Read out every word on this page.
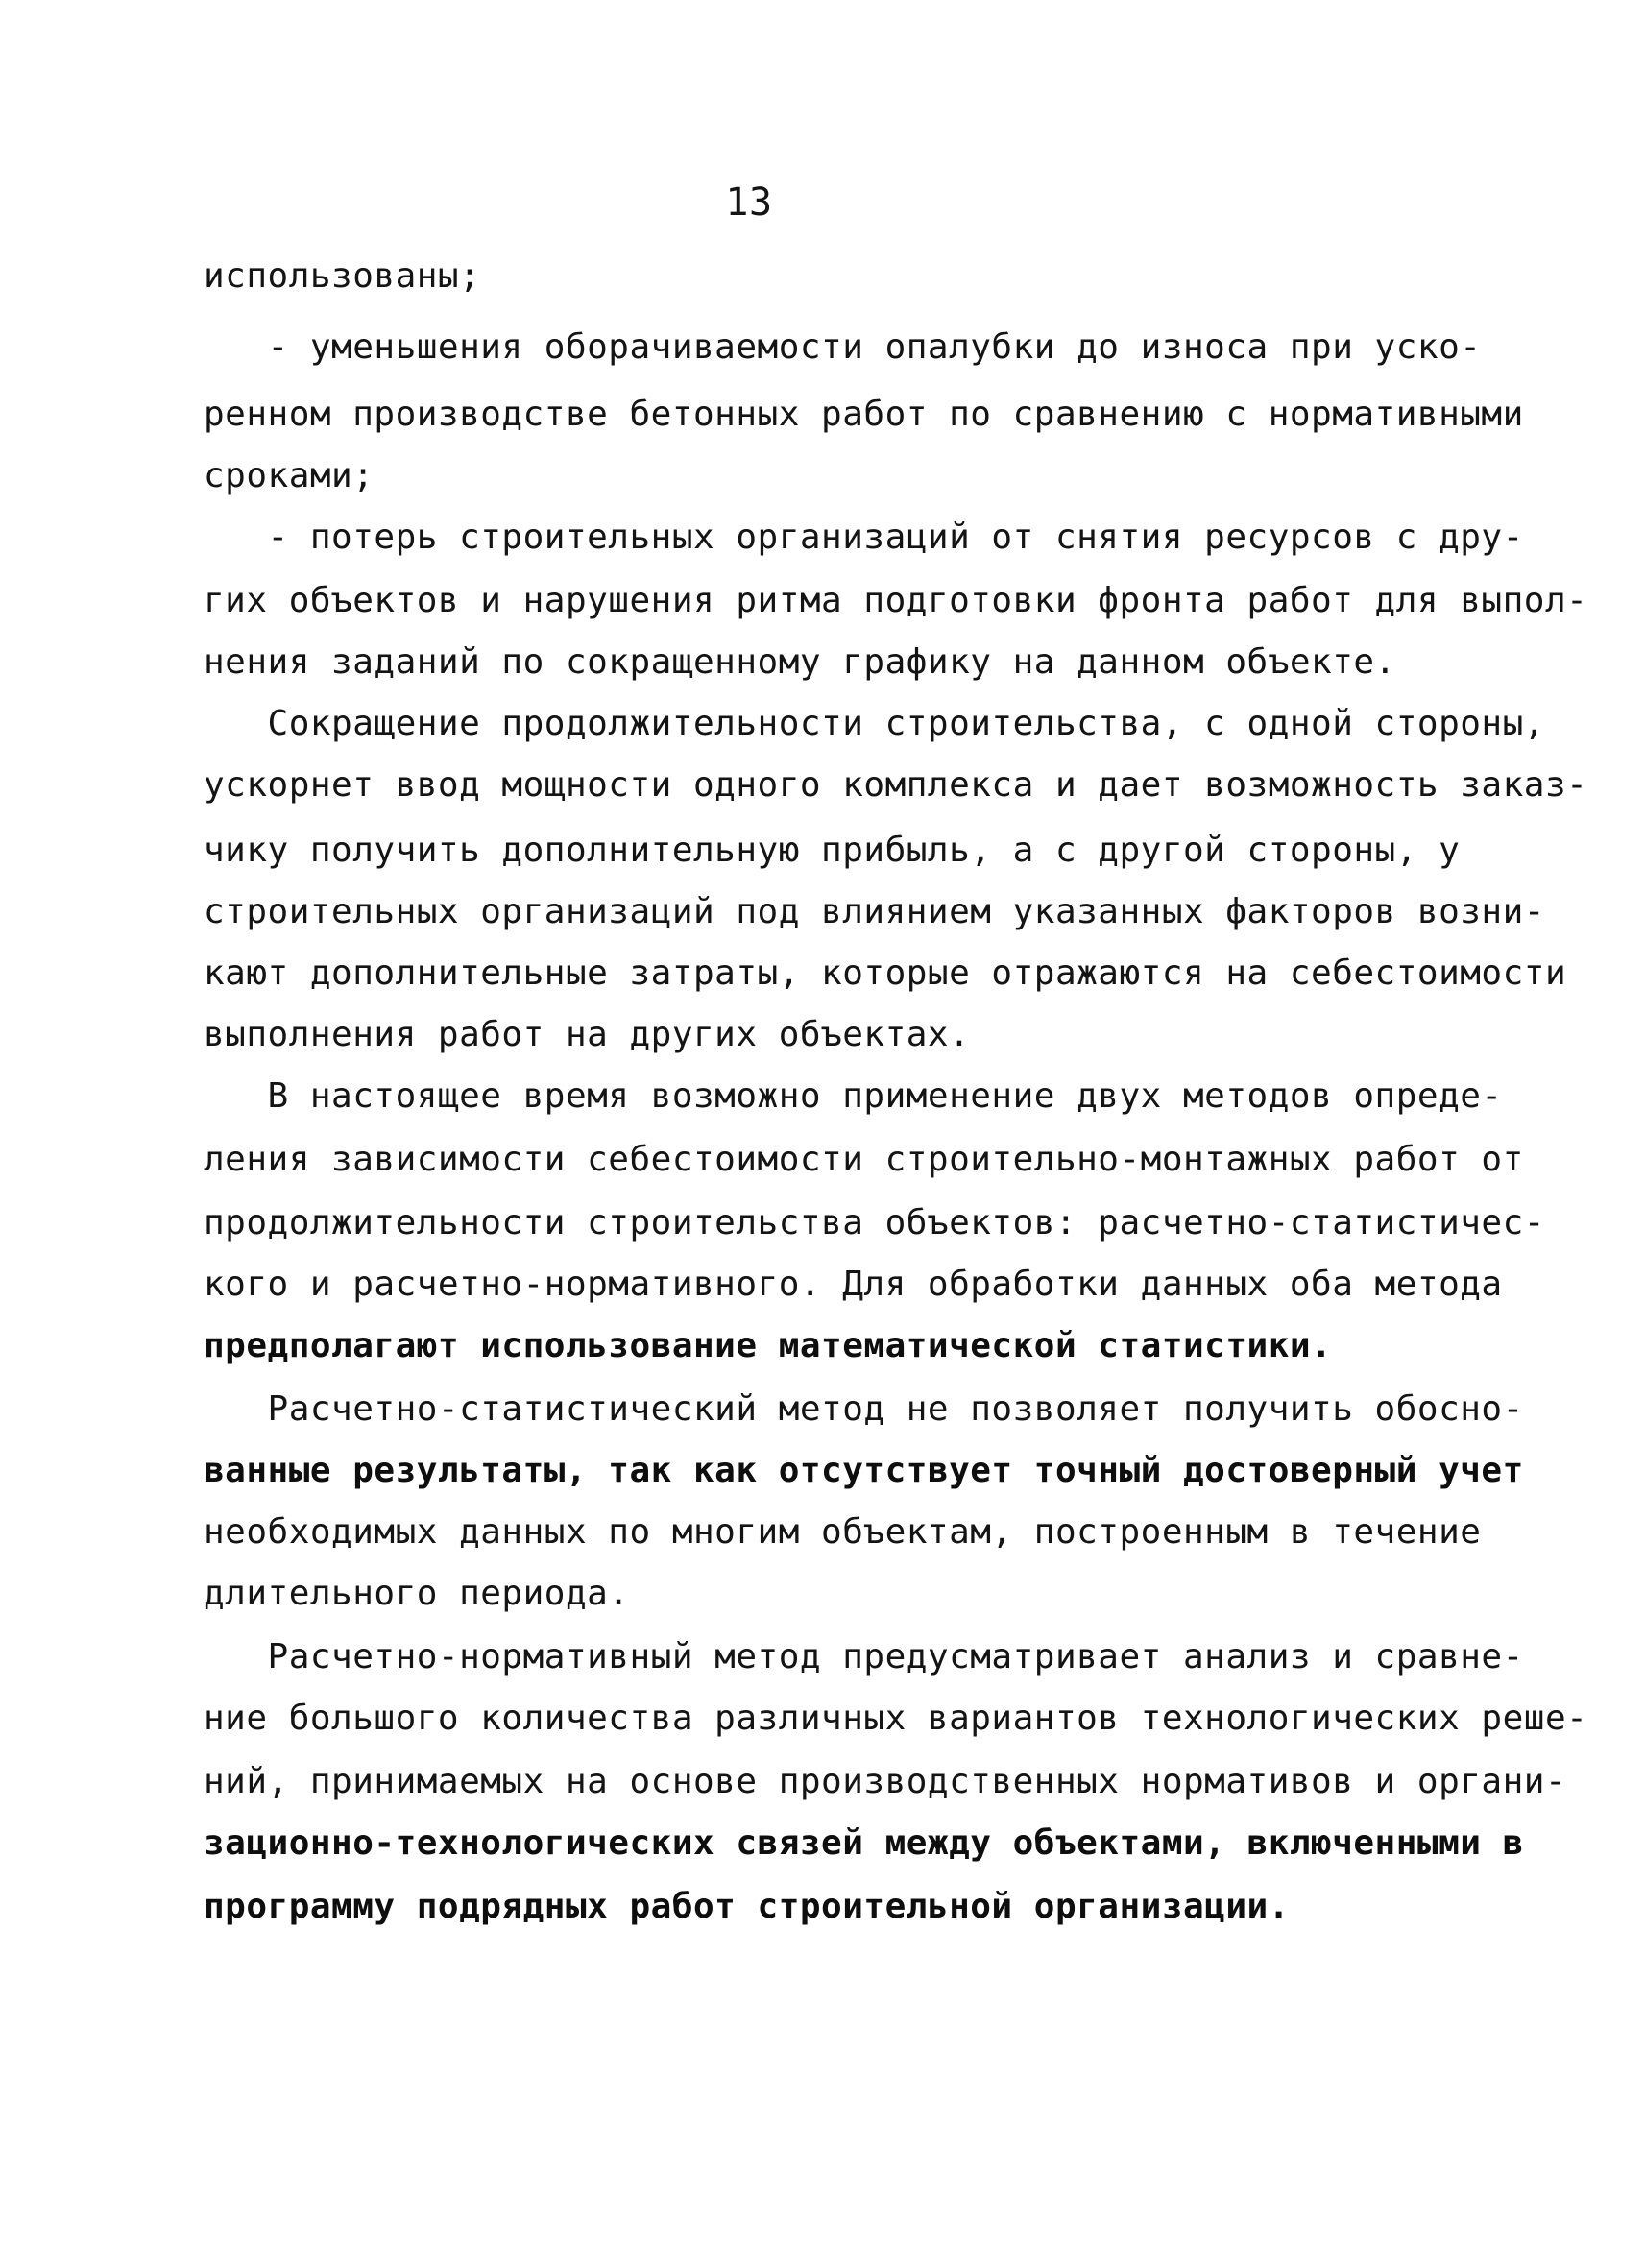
13
использованы;
- уменьшения оборачиваемости опалубки до износа при уско-
ренном производстве бетонных работ по сравнению с нормативными
сроками;
- потерь строительных организаций от снятия ресурсов с дру-
гих объектов и нарушения ритма подготовки фронта работ для выпол-
нения заданий по сокращенному графику на данном объекте.
Сокращение продолжительности строительства, с одной стороны,
ускорнет ввод мощности одного комплекса и дает возможность заказ-
чику получить дополнительную прибыль, а с другой стороны, у
строительных организаций под влиянием указанных факторов возни-
кают дополнительные затраты, которые отражаются на себестоимости
выполнения работ на других объектах.
В настоящее время возможно применение двух методов опреде-
ления зависимости себестоимости строительно-монтажных работ от
продолжительности строительства объектов: расчетно-статистичес-
кого и расчетно-нормативного. Для обработки данных оба метода
предполагают использование математической статистики.
Расчетно-статистический метод не позволяет получить обосно-
ванные результаты, так как отсутствует точный достоверный учет
необходимых данных по многим объектам, построенным в течение
длительного периода.
Расчетно-нормативный метод предусматривает анализ и сравне-
ние большого количества различных вариантов технологических реше-
ний, принимаемых на основе производственных нормативов и органи-
зационно-технологических связей между объектами, включенными в
программу подрядных работ строительной организации.
